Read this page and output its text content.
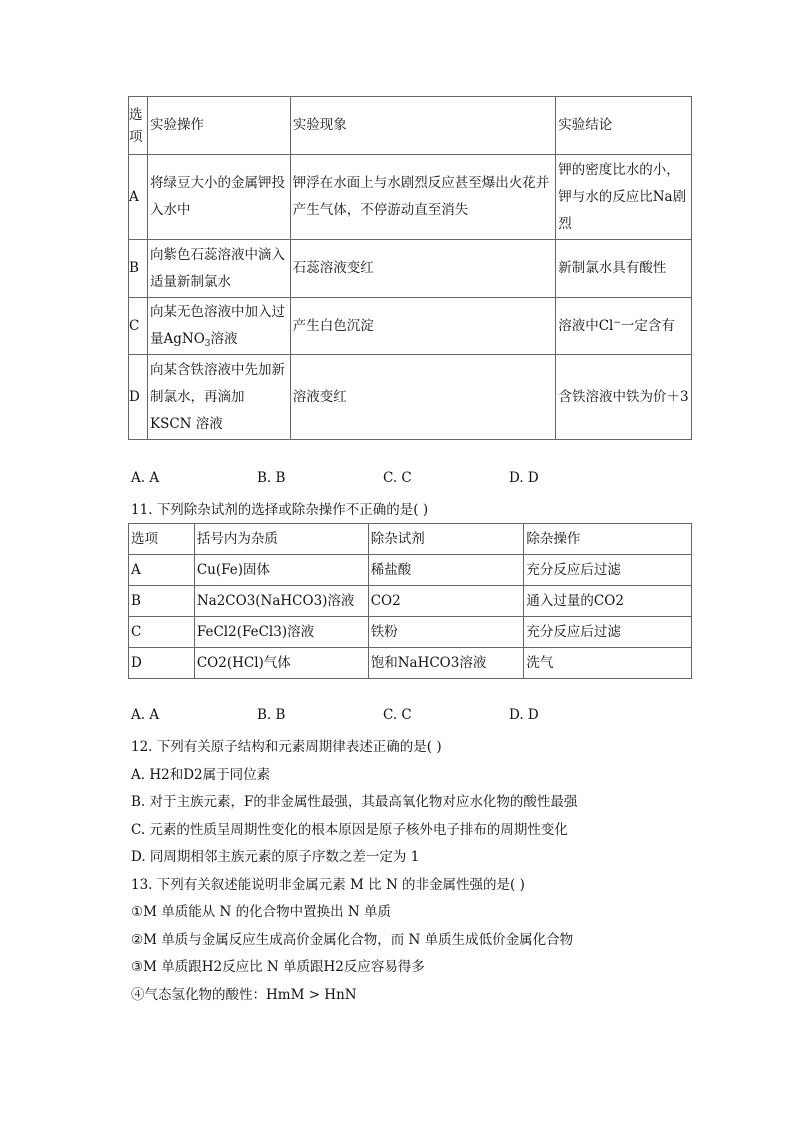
选项	实验操作	实验现象	实验结论
A	将绿豆大小的金属钾投入水中	钾浮在水面上与水剧烈反应甚至爆出火花并产生气体，不停游动直至消失	钾的密度比水的小，钾与水的反应比Na剧烈
B	向紫色石蕊溶液中滴入适量新制氯水	石蕊溶液变红	新制氯水具有酸性
C	向某无色溶液中加入过量AgNO$_3$溶液	产生白色沉淀	溶液中Cl−一定含有
D	向某含铁溶液中先加新制氯水，再滴加 KSCN 溶液	溶液变红	含铁溶液中铁为价＋3
A. A	B. B	C. C	D. D
11. 下列除杂试剂的选择或除杂操作不正确的是( )
选项	括号内为杂质	除杂试剂	除杂操作
A	Cu(Fe)固体	稀盐酸	充分反应后过滤
B	Na2CO3(NaHCO3)溶液	CO2	通入过量的CO2
C	FeCl2(FeCl3)溶液	铁粉	充分反应后过滤
D	CO2(HCl)气体	饱和NaHCO3溶液	洗气
A. A	B. B	C. C	D. D
12. 下列有关原子结构和元素周期律表述正确的是( )
A. H2和D2属于同位素
B. 对于主族元素，F的非金属性最强，其最高氧化物对应水化物的酸性最强
C. 元素的性质呈周期性变化的根本原因是原子核外电子排布的周期性变化
D. 同周期相邻主族元素的原子序数之差一定为 1
13. 下列有关叙述能说明非金属元素 M 比 N 的非金属性强的是( )
①M 单质能从 N 的化合物中置换出 N 单质
②M 单质与金属反应生成高价金属化合物，而 N 单质生成低价金属化合物
③M 单质跟H2反应比 N 单质跟H2反应容易得多
④气态氢化物的酸性：HmM > HnN
